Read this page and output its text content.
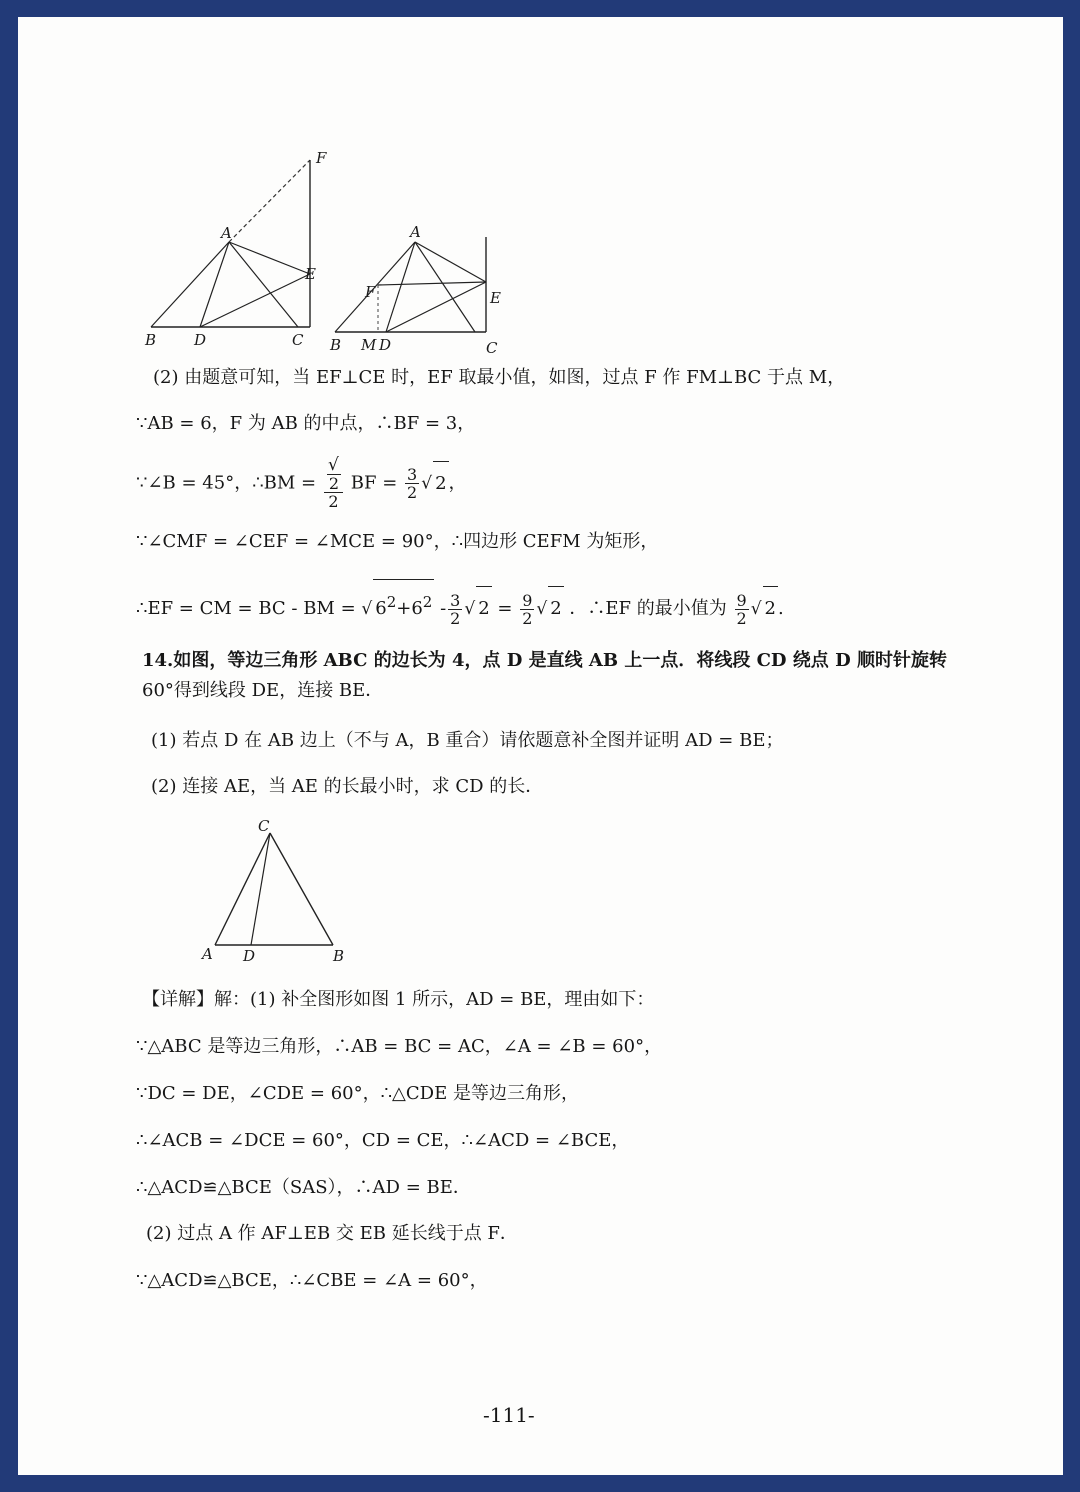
F
A
E
B	D	C
A
F	E
B M D	C
(2) 由题意可知，当 EF⊥CE 时，EF 取最小值，如图，过点 F 作 FM⊥BC 于点 M，
∵AB = 6，F 为 AB 的中点，∴BF = 3，
∵∠B = 45°，∴BM = √
2
2 BF = $\frac{3}{2}$ √ 2 ，
∵∠CMF = ∠CEF = ∠MCE = 90°，∴四边形 CEFM 为矩形，
∴EF = CM = BC - BM = √ $6^2+6^2 - \frac{3}{2}$ √ $2 = \frac{9}{2}$ √ 2 ．∴EF 的最小值为 $\frac{9}{2}$ √ 2 .
14.如图，等边三角形 ABC 的边长为 4，点 D 是直线 AB 上一点．将线段 CD 绕点 D 顺时针旋转
60°得到线段 DE，连接 BE．
(1) 若点 D 在 AB 边上（不与 A，B 重合）请依题意补全图并证明 AD = BE；
(2) 连接 AE，当 AE 的长最小时，求 CD 的长．
C
A D	B
【详解】解：(1) 补全图形如图 1 所示，AD = BE，理由如下：
∵△ABC 是等边三角形，∴AB = BC = AC，∠A = ∠B = 60°，
∵DC = DE，∠CDE = 60°，∴△CDE 是等边三角形，
∴∠ACB = ∠DCE = 60°，CD = CE，∴∠ACD = ∠BCE，
∴△ACD≌△BCE（SAS），∴AD = BE．
(2) 过点 A 作 AF⊥EB 交 EB 延长线于点 F．
∵△ACD≌△BCE，∴∠CBE = ∠A = 60°，
-111-
